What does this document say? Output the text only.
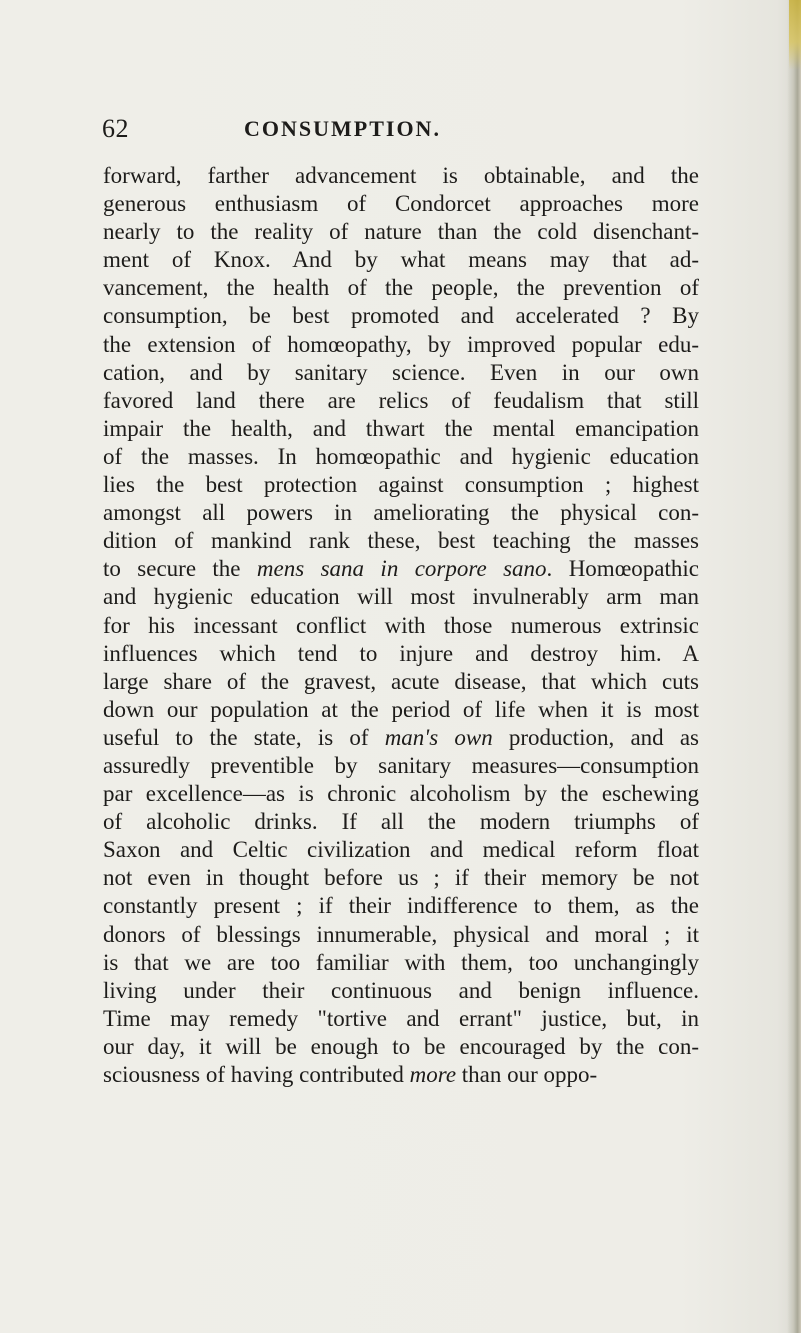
62	CONSUMPTION.
forward, farther advancement is obtainable, and the
generous enthusiasm of Condorcet approaches more
nearly to the reality of nature than the cold disenchant-
ment of Knox. And by what means may that ad-
vancement, the health of the people, the prevention of
consumption, be best promoted and accelerated ? By
the extension of homœopathy, by improved popular edu-
cation, and by sanitary science. Even in our own
favored land there are relics of feudalism that still
impair the health, and thwart the mental emancipation
of the masses. In homœopathic and hygienic education
lies the best protection against consumption ; highest
amongst all powers in ameliorating the physical con-
dition of mankind rank these, best teaching the masses
to secure the mens sana in corpore sano. Homœopathic
and hygienic education will most invulnerably arm man
for his incessant conflict with those numerous extrinsic
influences which tend to injure and destroy him. A
large share of the gravest, acute disease, that which cuts
down our population at the period of life when it is most
useful to the state, is of man's own production, and as
assuredly preventible by sanitary measures—consumption
par excellence—as is chronic alcoholism by the eschewing
of alcoholic drinks. If all the modern triumphs of
Saxon and Celtic civilization and medical reform float
not even in thought before us ; if their memory be not
constantly present ; if their indifference to them, as the
donors of blessings innumerable, physical and moral ; it
is that we are too familiar with them, too unchangingly
living under their continuous and benign influence.
Time may remedy "tortive and errant" justice, but, in
our day, it will be enough to be encouraged by the con-
sciousness of having contributed more than our oppo-
